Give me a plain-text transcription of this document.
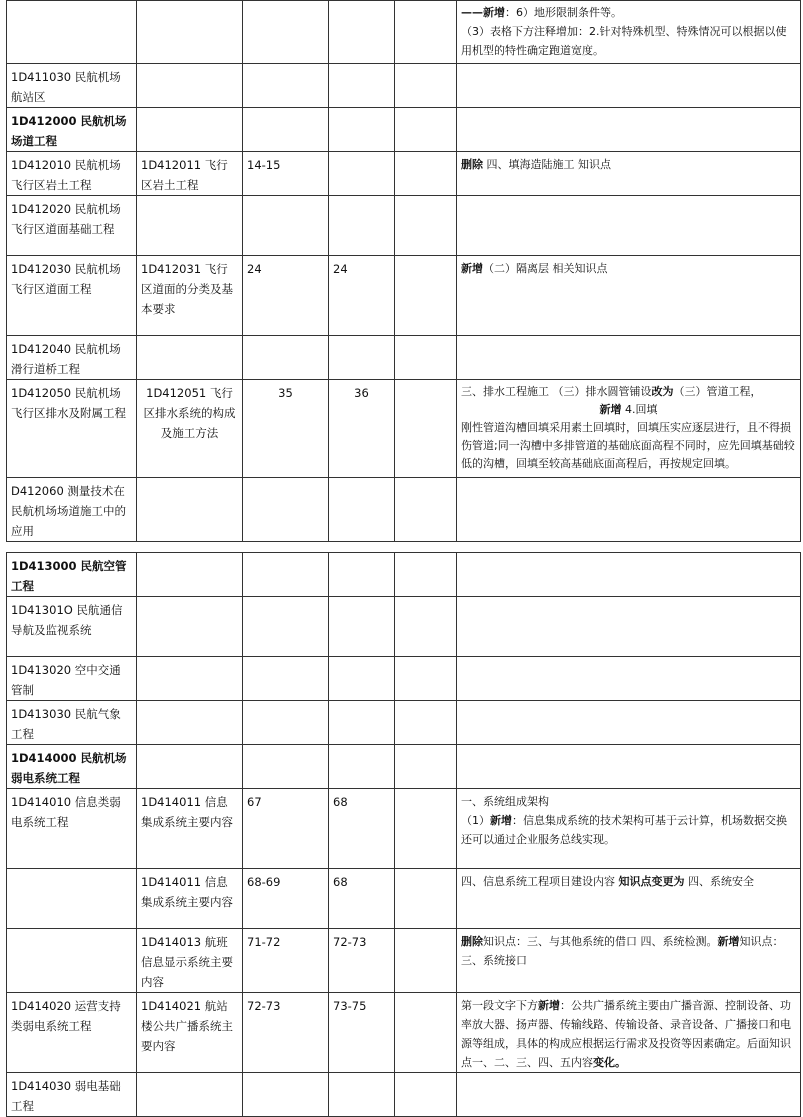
					——新增：6）地形限制条件等。
（3）表格下方注释增加：2.针对特殊机型、特殊情况可以根据以使用机型的特性确定跑道宽度。
1D411030 民航机场航站区					
1D412000 民航机场场道工程					
1D412010 民航机场飞行区岩土工程	1D412011 飞行区岩土工程	14-15			删除 四、填海造陆施工 知识点
1D412020 民航机场飞行区道面基础工程					
1D412030 民航机场飞行区道面工程	1D412031 飞行区道面的分类及基本要求	24	24		新增（二）隔离层 相关知识点
1D412040 民航机场滑行道桥工程					
1D412050 民航机场飞行区排水及附属工程	1D412051 飞行区排水系统的构成及施工方法	35	36		三、排水工程施工 （三）排水圆管铺设改为（三）管道工程，

新增 4.回填
刚性管道沟槽回填采用素土回填时，回填压实应逐层进行，且不得损伤管道;同一沟槽中多排管道的基础底面高程不同时，应先回填基础较低的沟槽，回填至较高基础底面高程后，再按规定回填。
D412060 测量技术在民航机场场道施工中的应用					
1D413000 民航空管工程					
1D41301O 民航通信导航及监视系统					
1D413020 空中交通管制					
1D413030 民航气象工程					
1D414000 民航机场弱电系统工程					
1D414010 信息类弱电系统工程	1D414011 信息集成系统主要内容	67	68		一、系统组成架构
（1）新增：信息集成系统的技术架构可基于云计算，机场数据交换还可以通过企业服务总线实现。
	1D414011 信息集成系统主要内容	68-69	68		四、信息系统工程项目建设内容 知识点变更为 四、系统安全
	1D414013 航班信息显示系统主要内容	71-72	72-73		删除知识点：三、与其他系统的借口 四、系统检测。新增知识点：三、系统接口
1D414020 运营支持类弱电系统工程	1D414021 航站楼公共广播系统主要内容	72-73	73-75		第一段文字下方新增：公共广播系统主要由广播音源、控制设备、功率放大器、扬声器、传输线路、传输设备、录音设备、广播接口和电源等组成，具体的构成应根据运行需求及投资等因素确定。后面知识点一、二、三、四、五内容变化。
1D414030 弱电基础工程					
